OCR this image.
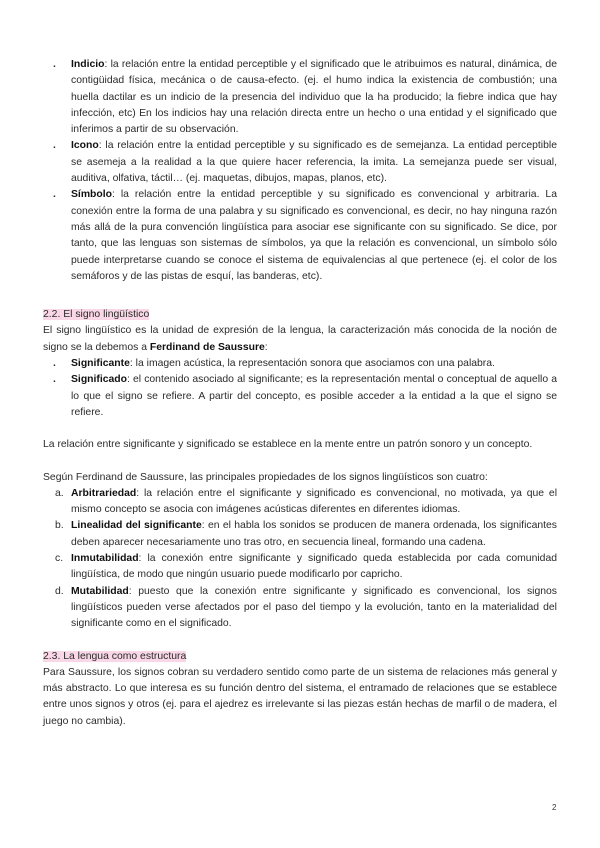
. Indicio: la relación entre la entidad perceptible y el significado que le atribuimos es natural, dinámica, de contigüidad física, mecánica o de causa-efecto. (ej. el humo indica la existencia de combustión; una huella dactilar es un indicio de la presencia del individuo que la ha producido; la fiebre indica que hay infección, etc) En los indicios hay una relación directa entre un hecho o una entidad y el significado que inferimos a partir de su observación.
. Icono: la relación entre la entidad perceptible y su significado es de semejanza. La entidad perceptible se asemeja a la realidad a la que quiere hacer referencia, la imita. La semejanza puede ser visual, auditiva, olfativa, táctil… (ej. maquetas, dibujos, mapas, planos, etc).
. Símbolo: la relación entre la entidad perceptible y su significado es convencional y arbitraria. La conexión entre la forma de una palabra y su significado es convencional, es decir, no hay ninguna razón más allá de la pura convención lingüística para asociar ese significante con su significado. Se dice, por tanto, que las lenguas son sistemas de símbolos, ya que la relación es convencional, un símbolo sólo puede interpretarse cuando se conoce el sistema de equivalencias al que pertenece (ej. el color de los semáforos y de las pistas de esquí, las banderas, etc).
2.2. El signo lingüístico

El signo lingüístico es la unidad de expresión de la lengua, la caracterización más conocida de la noción de signo se la debemos a Ferdinand de Saussure:

. Significante: la imagen acústica, la representación sonora que asociamos con una palabra.
. Significado: el contenido asociado al significante; es la representación mental o conceptual de aquello a lo que el signo se refiere. A partir del concepto, es posible acceder a la entidad a la que el signo se refiere.

La relación entre significante y significado se establece en la mente entre un patrón sonoro y un concepto.

Según Ferdinand de Saussure, las principales propiedades de los signos lingüísticos son cuatro:

a. Arbitrariedad: la relación entre el significante y significado es convencional, no motivada, ya que el mismo concepto se asocia con imágenes acústicas diferentes en diferentes idiomas.
b. Linealidad del significante: en el habla los sonidos se producen de manera ordenada, los significantes deben aparecer necesariamente uno tras otro, en secuencia lineal, formando una cadena.
c. Inmutabilidad: la conexión entre significante y significado queda establecida por cada comunidad lingüística, de modo que ningún usuario puede modificarlo por capricho.
d. Mutabilidad: puesto que la conexión entre significante y significado es convencional, los signos lingüísticos pueden verse afectados por el paso del tiempo y la evolución, tanto en la materialidad del significante como en el significado.
2.3. La lengua como estructura

Para Saussure, los signos cobran su verdadero sentido como parte de un sistema de relaciones más general y más abstracto. Lo que interesa es su función dentro del sistema, el entramado de relaciones que se establece entre unos signos y otros (ej. para el ajedrez es irrelevante si las piezas están hechas de marfil o de madera, el juego no cambia).

2
